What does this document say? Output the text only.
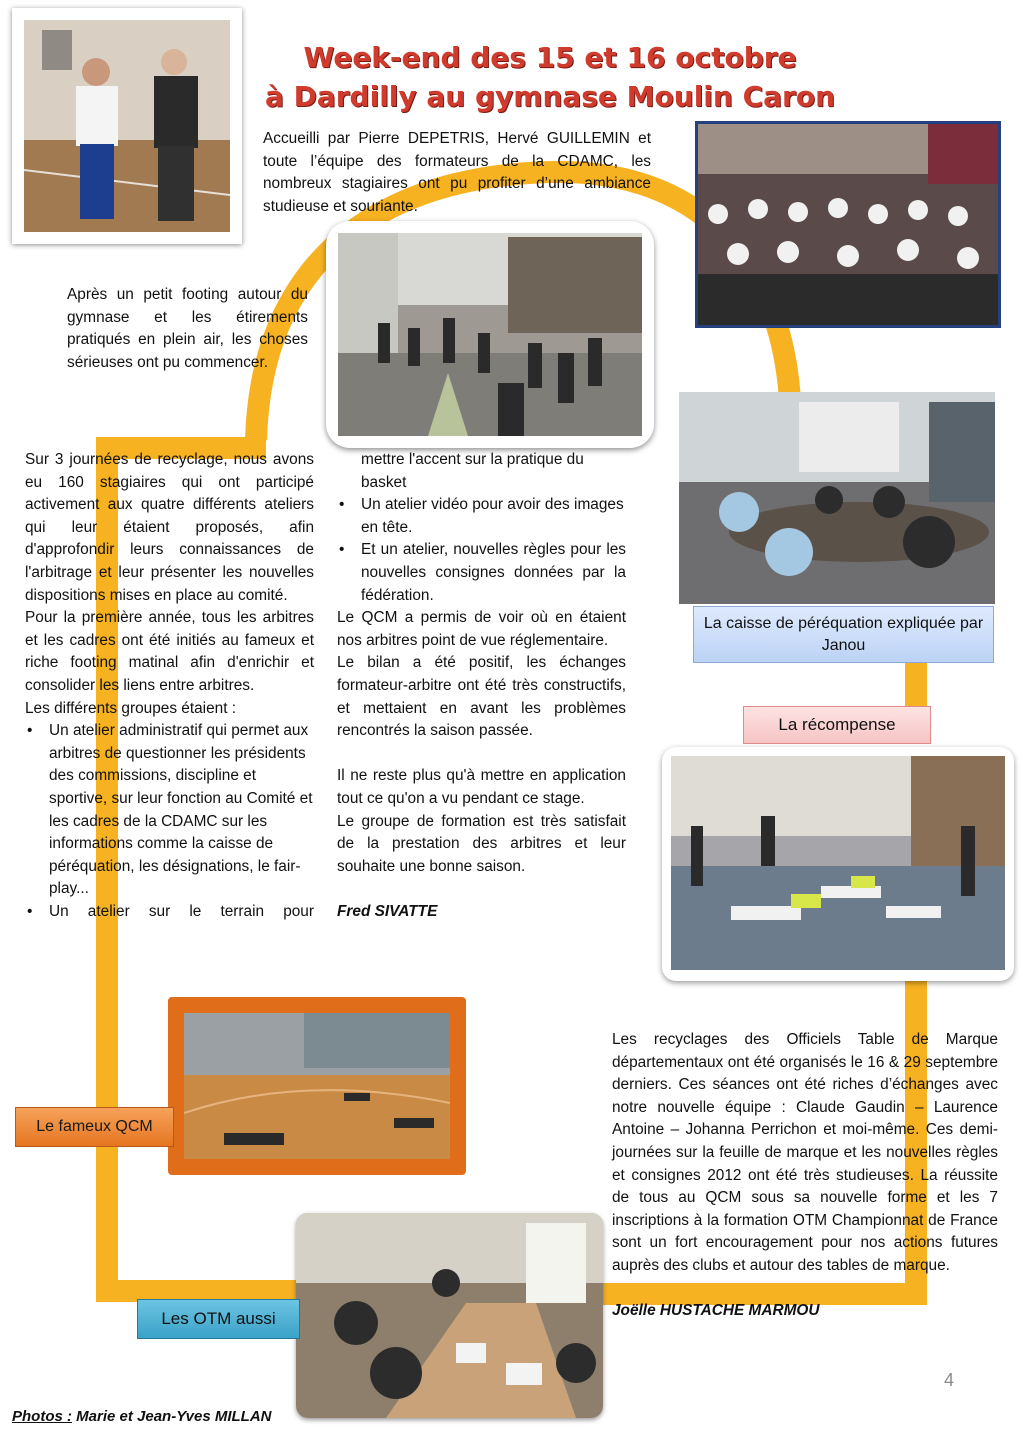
Week-end des 15 et 16 octobre
à Dardilly au gymnase Moulin Caron
Accueilli par Pierre DEPETRIS, Hervé GUILLEMIN et toute l’équipe des formateurs de la CDAMC, les nombreux stagiaires ont pu profiter d’une ambiance studieuse et souriante.
Après un petit footing autour du gymnase et les étirements pratiqués en plein air, les choses sérieuses ont pu commencer.
La caisse de péréquation expliquée par Janou
La récompense

Sur 3 journées de recyclage, nous avons eu 160 stagiaires qui ont participé activement aux quatre différents ateliers qui leur étaient proposés, afin d'approfondir leurs connaissances de l'arbitrage et leur présenter les nouvelles dispositions mises en place au comité.

Pour la première année, tous les arbitres et les cadres ont été initiés au fameux et riche footing matinal afin d'enrichir et consolider les liens entre arbitres.

Les différents groupes étaient :

• Un atelier administratif qui permet aux arbitres de questionner les présidents des commissions, discipline et sportive, sur leur fonction au Comité et les cadres de la CDAMC sur les informations comme la caisse de péréquation, les désignations, le fair-play...
• Un atelier sur le terrain pour
mettre l'accent sur la pratique du basket
• Un atelier vidéo pour avoir des images en tête.
• Et un atelier, nouvelles règles pour les nouvelles consignes données par la fédération.

Le QCM a permis de voir où en étaient nos arbitres point de vue réglementaire.

Le bilan a été positif, les échanges formateur-arbitre ont été très constructifs, et mettaient en avant les problèmes rencontrés la saison passée.

Il ne reste plus qu'à mettre en application tout ce qu'on a vu pendant ce stage.

Le groupe de formation est très satisfait de la prestation des arbitres et leur souhaite une bonne saison.

Fred SIVATTE

Le fameux QCM

Les recyclages des Officiels Table de Marque départementaux ont été organisés le 16 & 29 septembre derniers. Ces séances ont été riches d’échanges avec notre nouvelle équipe : Claude Gaudin – Laurence Antoine – Johanna Perrichon et moi-même. Ces demi-journées sur la feuille de marque et les nouvelles règles et consignes 2012 ont été très studieuses. La réussite de tous au QCM sous sa nouvelle forme et les 7 inscriptions à la formation OTM Championnat de France sont un fort encouragement pour nos actions futures auprès des clubs et autour des tables de marque.

Joëlle HUSTACHE MARMOU

Les OTM aussi
Photos : Marie et Jean-Yves MILLAN
4
